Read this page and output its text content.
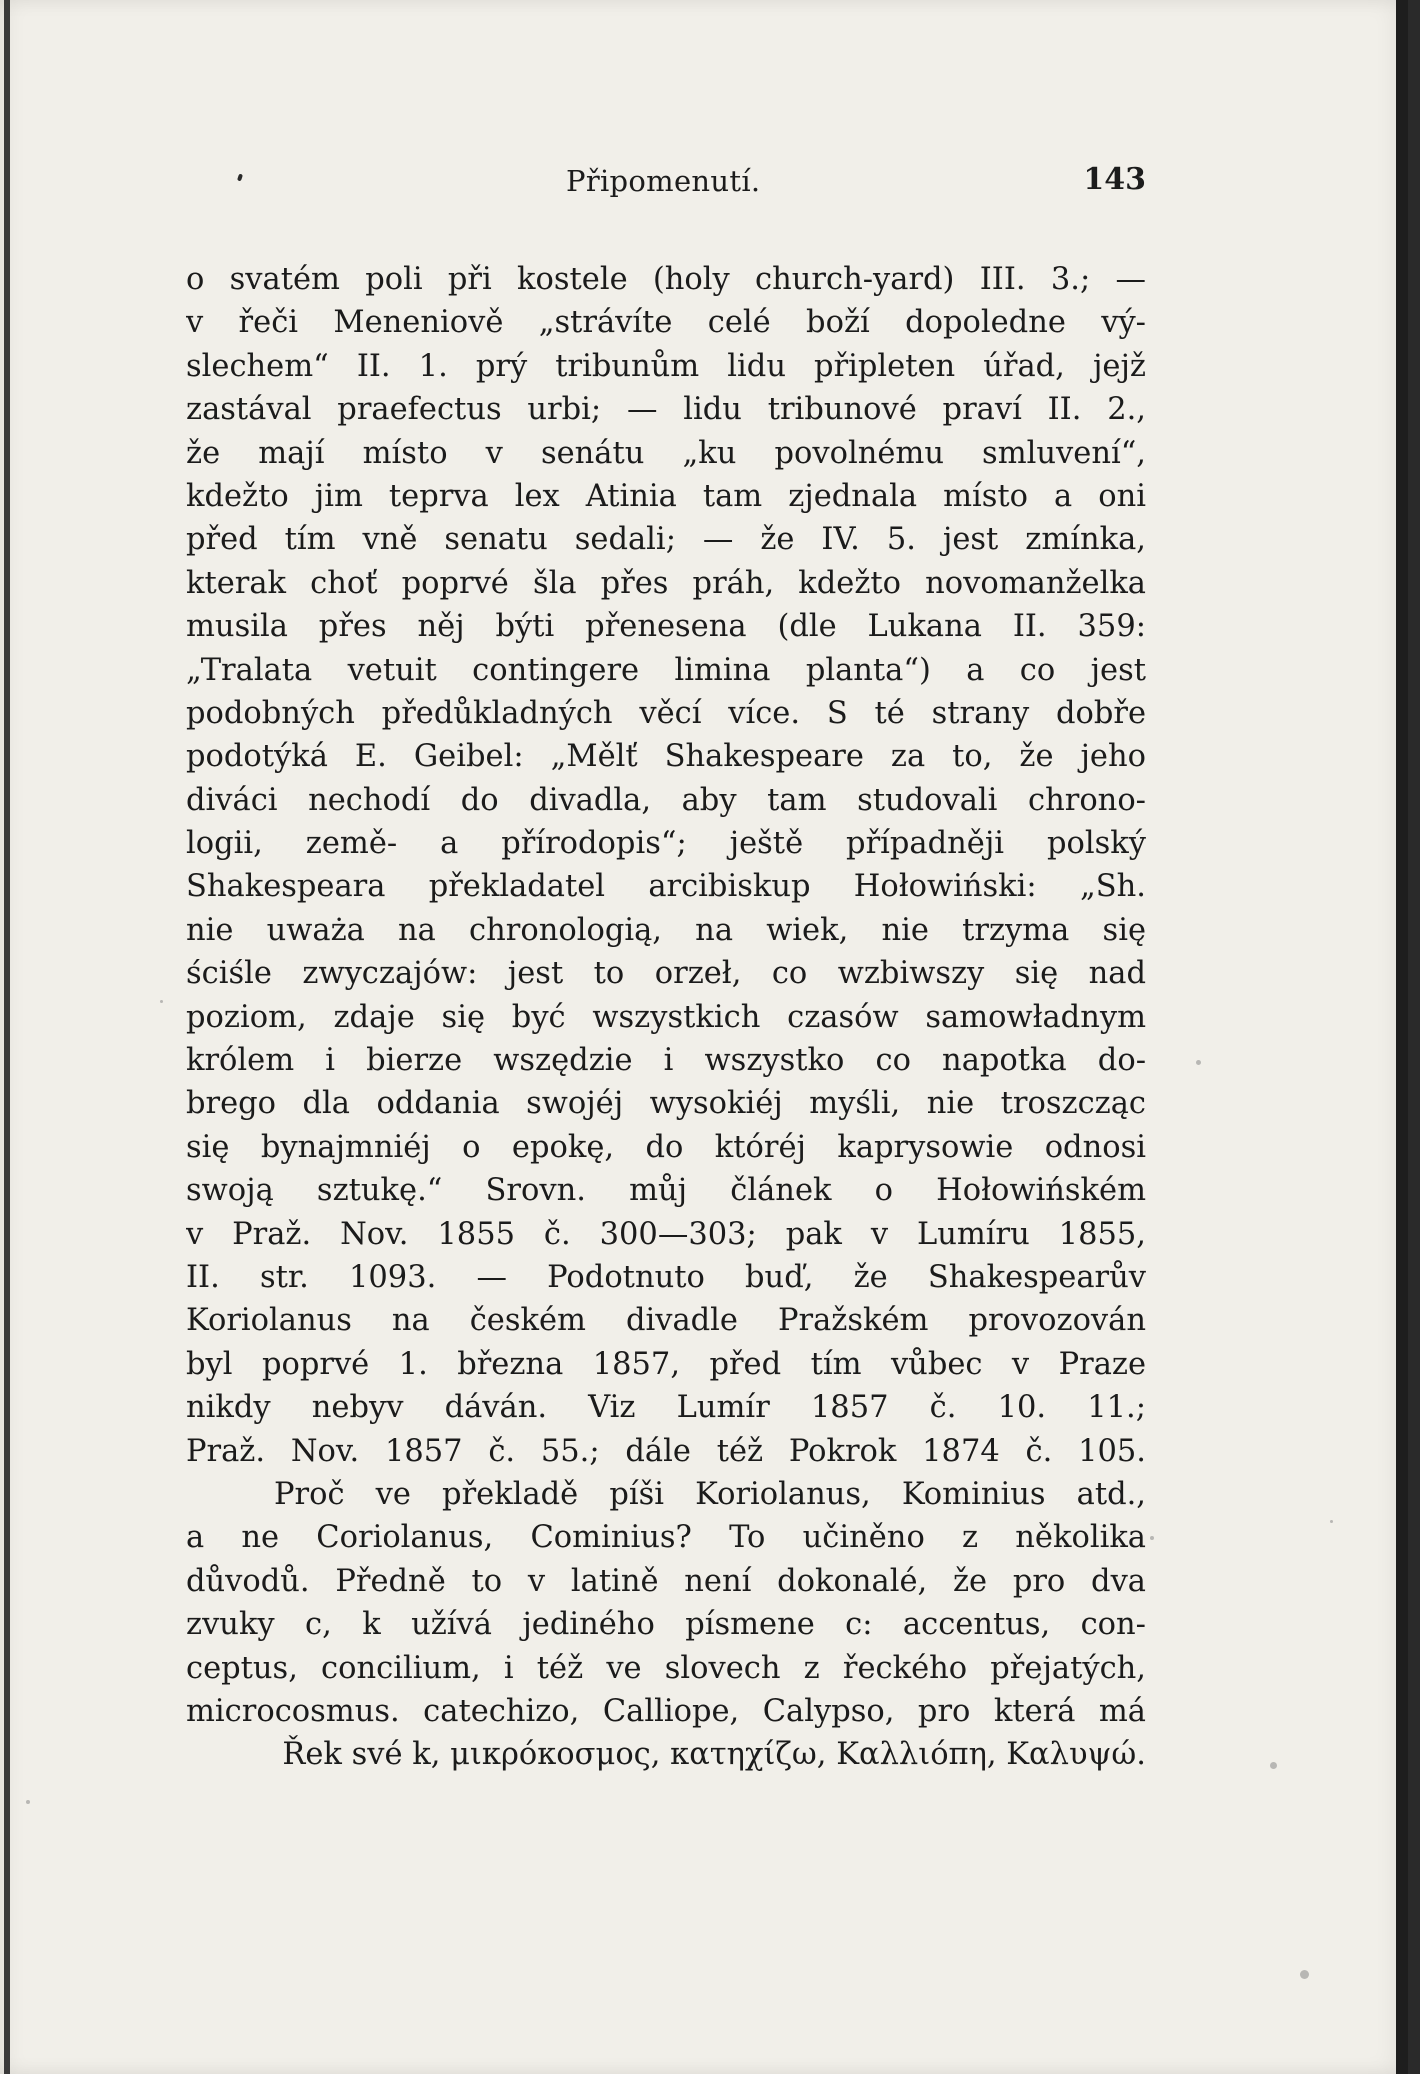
Připomenutí.	143
o svatém poli při kostele (holy church-yard) III. 3.; —
v řeči Meneniově „strávíte celé boží dopoledne vý-
slechem“ II. 1. prý tribunům lidu připleten úřad, jejž
zastával praefectus urbi; — lidu tribunové praví II. 2.,
že mají místo v senátu „ku povolnému smluvení“,
kdežto jim teprva lex Atinia tam zjednala místo a oni
před tím vně senatu sedali; — že IV. 5. jest zmínka,
kterak choť poprvé šla přes práh, kdežto novomanželka
musila přes něj býti přenesena (dle Lukana II. 359:
„Tralata vetuit contingere limina planta“) a co jest
podobných předůkladných věcí více. S té strany dobře
podotýká E. Geibel: „Mělť Shakespeare za to, že jeho
diváci nechodí do divadla, aby tam studovali chrono-
logii, země- a přírodopis“; ještě případněji polský
Shakespeara překladatel arcibiskup Hołowiński: „Sh.
nie uważa na chronologią, na wiek, nie trzyma się
ściśle zwyczajów: jest to orzeł, co wzbiwszy się nad
poziom, zdaje się być wszystkich czasów samowładnym
królem i bierze wszędzie i wszystko co napotka do-
brego dla oddania swojéj wysokiéj myśli, nie troszcząc
się bynajmniéj o epokę, do któréj kaprysowie odnosi
swoją sztukę.“ Srovn. můj článek o Hołowińském
v Praž. Nov. 1855 č. 300—303; pak v Lumíru 1855,
II. str. 1093. — Podotnuto buď, že Shakespearův
Koriolanus na českém divadle Pražském provozován
byl poprvé 1. března 1857, před tím vůbec v Praze
nikdy nebyv dáván. Viz Lumír 1857 č. 10. 11.;
Praž. Nov. 1857 č. 55.; dále též Pokrok 1874 č. 105.
Proč ve překladě píši Koriolanus, Kominius atd.,
a ne Coriolanus, Cominius? To učiněno z několika
důvodů. Předně to v latině není dokonalé, že pro dva
zvuky c, k užívá jediného písmene c: accentus, con-
ceptus, concilium, i též ve slovech z řeckého přejatých,
microcosmus. catechizo, Calliope, Calypso, pro která má
Řek své k, μικρόκοσμος, κατηχίζω, Καλλιόπη, Καλυψώ.
